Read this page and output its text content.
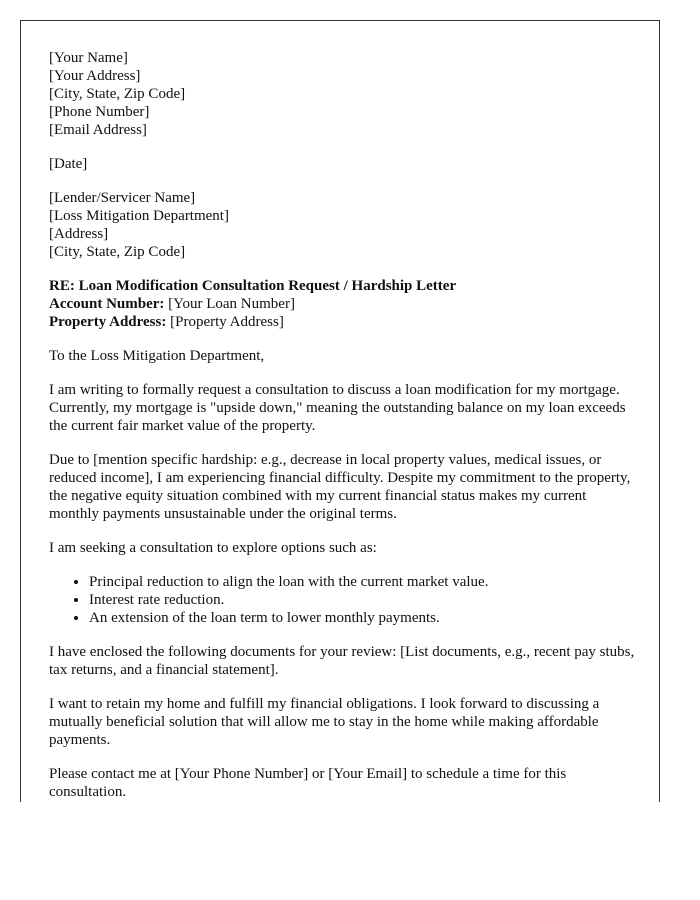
[Your Name]
[Your Address]
[City, State, Zip Code]
[Phone Number]
[Email Address]
[Date]
[Lender/Servicer Name]
[Loss Mitigation Department]
[Address]
[City, State, Zip Code]
RE: Loan Modification Consultation Request / Hardship Letter
Account Number: [Your Loan Number]
Property Address: [Property Address]

To the Loss Mitigation Department,

I am writing to formally request a consultation to discuss a loan modification for my mortgage. Currently, my mortgage is "upside down," meaning the outstanding balance on my loan exceeds the current fair market value of the property.

Due to [mention specific hardship: e.g., decrease in local property values, medical issues, or reduced income], I am experiencing financial difficulty. Despite my commitment to the property, the negative equity situation combined with my current financial status makes my current monthly payments unsustainable under the original terms.

I am seeking a consultation to explore options such as:

• Principal reduction to align the loan with the current market value.
• Interest rate reduction.
• An extension of the loan term to lower monthly payments.

I have enclosed the following documents for your review: [List documents, e.g., recent pay stubs, tax returns, and a financial statement].

I want to retain my home and fulfill my financial obligations. I look forward to discussing a mutually beneficial solution that will allow me to stay in the home while making affordable payments.

Please contact me at [Your Phone Number] or [Your Email] to schedule a time for this consultation.
